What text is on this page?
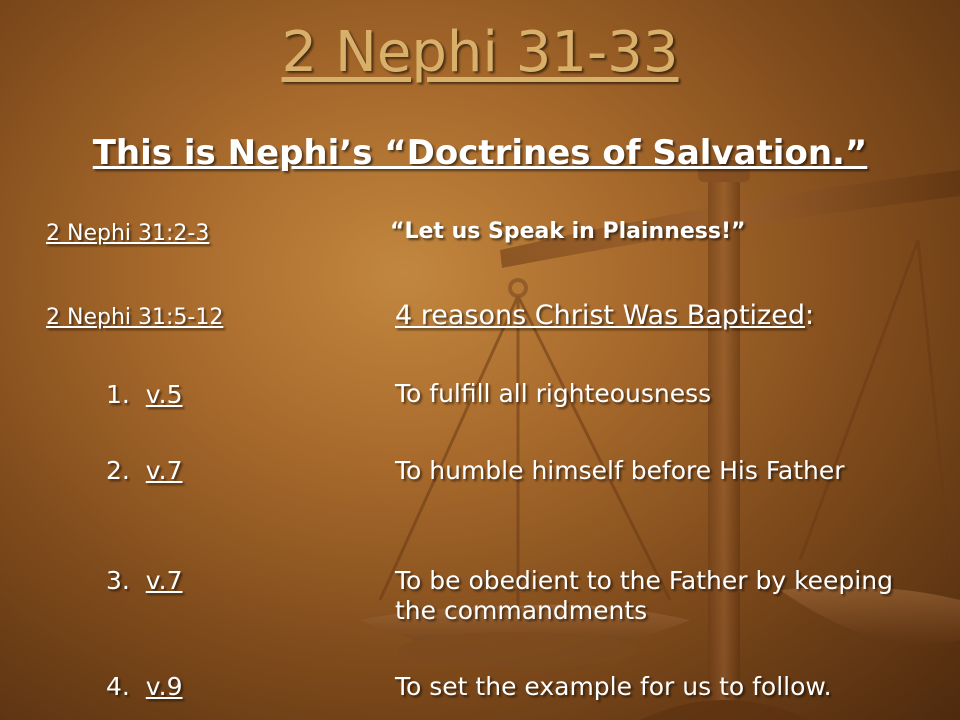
2 Nephi 31-33
This is Nephi’s “Doctrines of Salvation.”
2 Nephi 31:2-3	“Let us Speak in Plainness!”
2 Nephi 31:5-12	4 reasons Christ Was Baptized:
1. v.5	To fulfill all righteousness
2. v.7	To humble himself before His Father
3. v.7	To be obedient to the Father by keeping the commandments
4. v.9	To set the example for us to follow.
